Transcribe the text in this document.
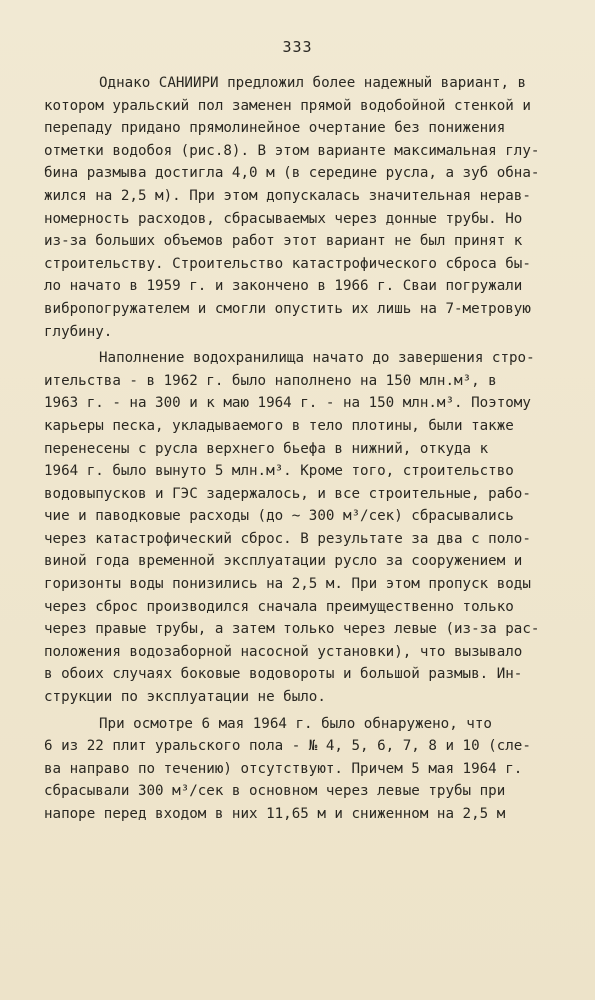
333
Однако САНИИРИ предложил более надежный вариант, в
котором уральский пол заменен прямой водобойной стенкой и
перепаду придано прямолинейное очертание без понижения
отметки водобоя (рис.8). В этом варианте максимальная глу-
бина размыва достигла 4,0 м (в середине русла, а зуб обна-
жился на 2,5 м). При этом допускалась значительная нерав-
номерность расходов, сбрасываемых через донные трубы. Но
из-за больших объемов работ этот вариант не был принят к
строительству. Строительство катастрофического сброса бы-
ло начато в 1959 г. и закончено в 1966 г. Сваи погружали
вибропогружателем и смогли опустить их лишь на 7-метровую
глубину.
Наполнение водохранилища начато до завершения стро-
ительства - в 1962 г. было наполнено на 150 млн.м³, в
1963 г. - на 300 и к маю 1964 г. - на 150 млн.м³. Поэтому
карьеры песка, укладываемого в тело плотины, были также
перенесены с русла верхнего бьефа в нижний, откуда к
1964 г. было вынуто 5 млн.м³. Кроме того, строительство
водовыпусков и ГЭС задержалось, и все строительные, рабо-
чие и паводковые расходы (до ~ 300 м³/сек) сбрасывались
через катастрофический сброс. В результате за два с поло-
виной года временной эксплуатации русло за сооружением и
горизонты воды понизились на 2,5 м. При этом пропуск воды
через сброс производился сначала преимущественно только
через правые трубы, а затем только через левые (из-за рас-
положения водозаборной насосной установки), что вызывало
в обоих случаях боковые водовороты и большой размыв. Ин-
струкции по эксплуатации не было.
При осмотре 6 мая 1964 г. было обнаружено, что
6 из 22 плит уральского пола - № 4, 5, 6, 7, 8 и 10 (сле-
ва направо по течению) отсутствуют. Причем 5 мая 1964 г.
сбрасывали 300 м³/сек в основном через левые трубы при
напоре перед входом в них 11,65 м и сниженном на 2,5 м
